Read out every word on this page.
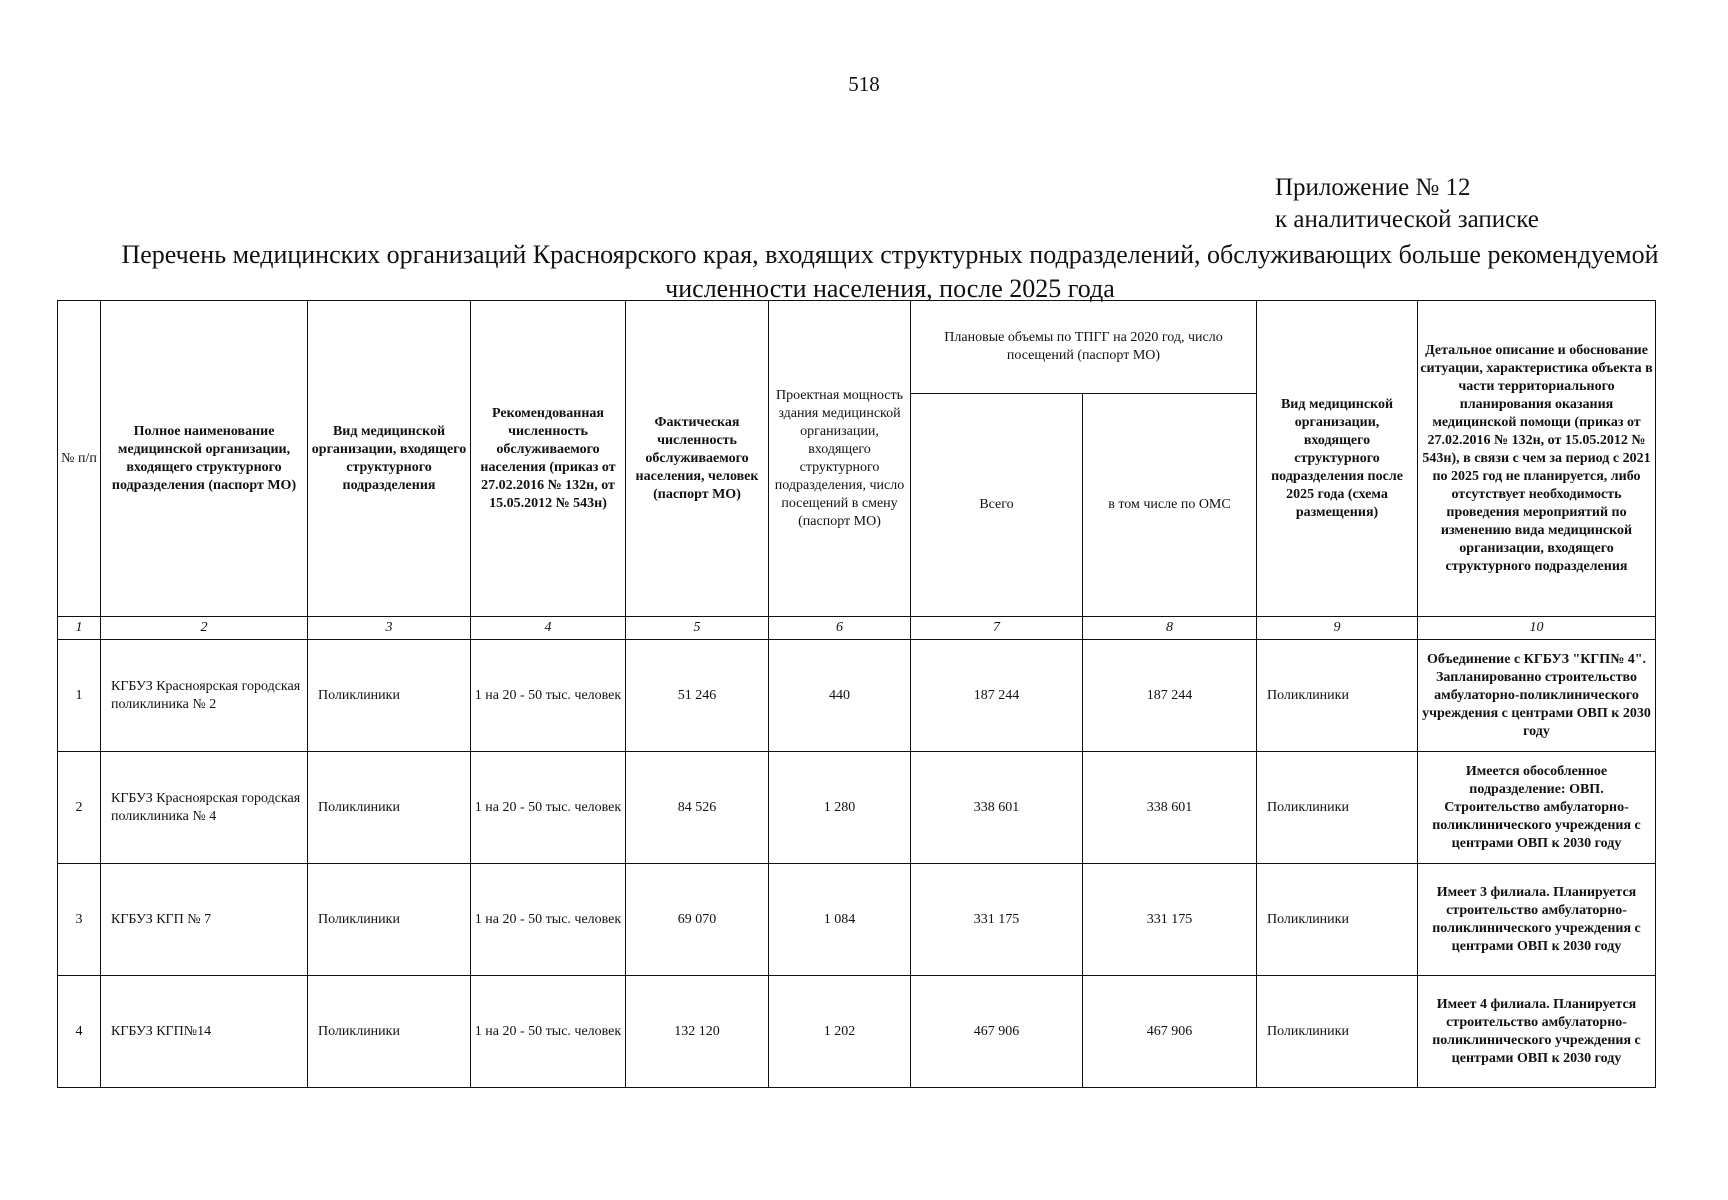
518
Приложение № 12
к аналитической записке
Перечень медицинских организаций Красноярского края, входящих структурных подразделений, обслуживающих больше рекомендуемой численности населения, после 2025 года
№ п/п	Полное наименование медицинской организации, входящего структурного подразделения (паспорт МО)	Вид медицинской организации, входящего структурного подразделения	Рекомендованная численность обслуживаемого населения (приказ от 27.02.2016 № 132н, от 15.05.2012 № 543н)	Фактическая численность обслуживаемого населения, человек (паспорт МО)	Проектная мощность здания медицинской организации, входящего структурного подразделения, число посещений в смену (паспорт МО)	Плановые объемы по ТПГГ на 2020 год, число посещений (паспорт МО)		Вид медицинской организации, входящего структурного подразделения после 2025 года (схема размещения)	Детальное описание и обоснование ситуации, характеристика объекта в части территориального планирования оказания медицинской помощи (приказ от 27.02.2016 № 132н, от 15.05.2012 № 543н), в связи с чем за период с 2021 по 2025 год не планируется, либо отсутствует необходимость проведения мероприятий по изменению вида медицинской организации, входящего структурного подразделения
						Всего	в том числе по ОМС		
1	2	3	4	5	6	7	8	9	10
1	КГБУЗ Красноярская городская поликлиника № 2	Поликлиники	1 на 20 - 50 тыс. человек	51 246	440	187 244	187 244	Поликлиники	Объединение с КГБУЗ "КГП№ 4". Запланированно строительство амбулаторно-поликлинического учреждения с центрами ОВП к 2030 году
2	КГБУЗ Красноярская городская поликлиника № 4	Поликлиники	1 на 20 - 50 тыс. человек	84 526	1 280	338 601	338 601	Поликлиники	Имеется обособленное подразделение: ОВП. Строительство амбулаторно-поликлинического учреждения с центрами ОВП к 2030 году
3	КГБУЗ КГП № 7	Поликлиники	1 на 20 - 50 тыс. человек	69 070	1 084	331 175	331 175	Поликлиники	Имеет 3 филиала. Планируется строительство амбулаторно-поликлинического учреждения с центрами ОВП к 2030 году
4	КГБУЗ КГП№14	Поликлиники	1 на 20 - 50 тыс. человек	132 120	1 202	467 906	467 906	Поликлиники	Имеет 4 филиала. Планируется строительство амбулаторно-поликлинического учреждения с центрами ОВП к 2030 году
